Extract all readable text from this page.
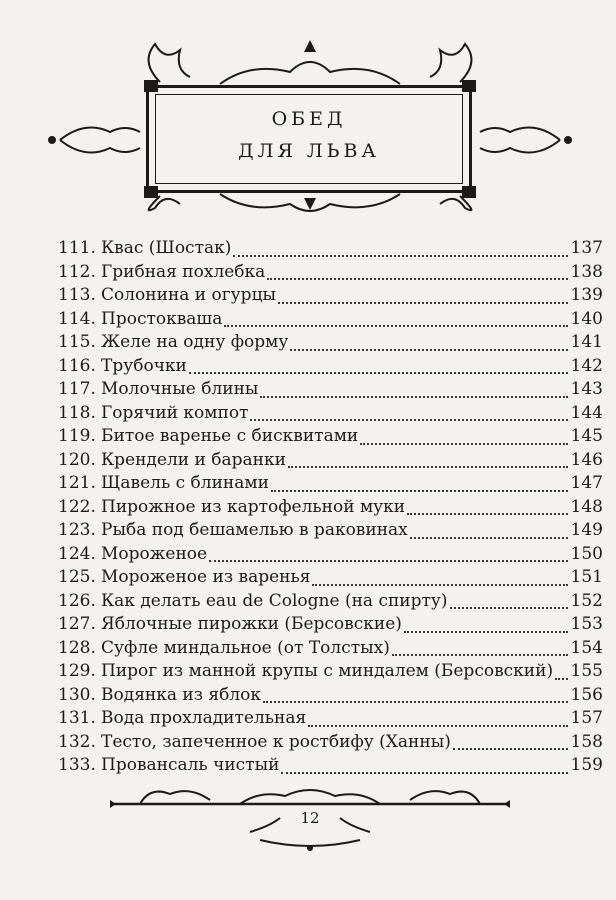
ОБЕД
ДЛЯ ЛЬВА
111. Квас (Шостак)	137
112. Грибная похлебка	138
113. Солонина и огурцы	139
114. Простокваша	140
115. Желе на одну форму	141
116. Трубочки	142
117. Молочные блины	143
118. Горячий компот	144
119. Битое варенье с бисквитами	145
120. Крендели и баранки	146
121. Щавель с блинами	147
122. Пирожное из картофельной муки	148
123. Рыба под бешамелью в раковинах	149
124. Мороженое	150
125. Мороженое из варенья	151
126. Как делать eau de Cologne (на спирту)	152
127. Яблочные пирожки (Берсовские)	153
128. Суфле миндальное (от Толстых)	154
129. Пирог из манной крупы с миндалем (Берсовский) 155
130. Водянка из яблок	156
131. Вода прохладительная	157
132. Тесто, запеченное к ростбифу (Ханны)	158
133. Провансаль чистый	159
12
